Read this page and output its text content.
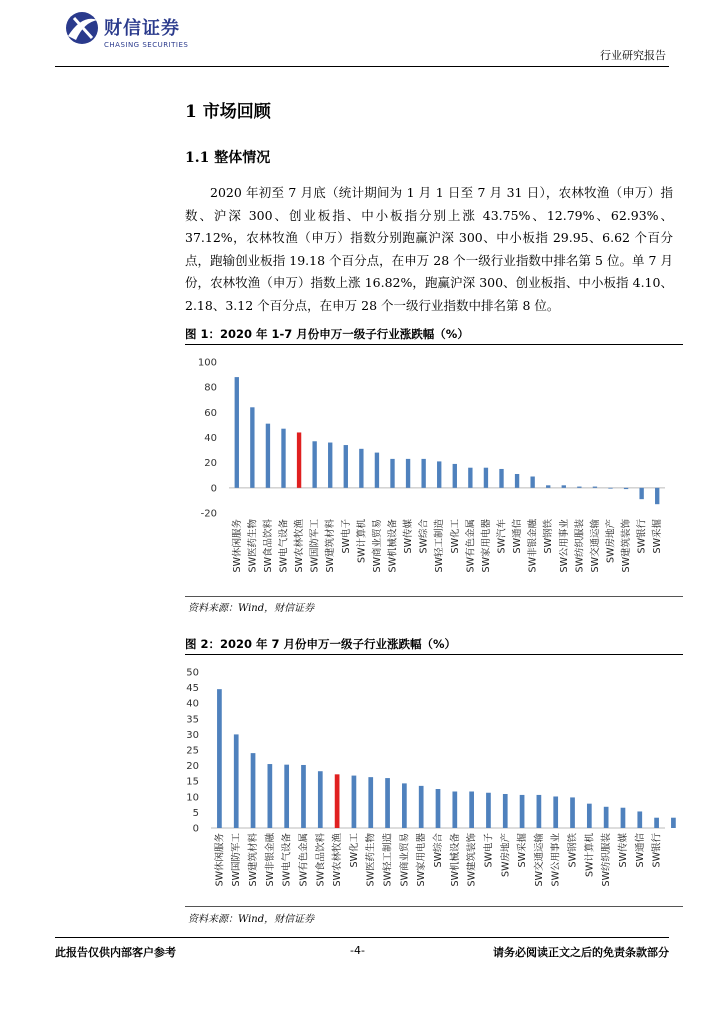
财信证券
CHASING SECURITIES
行业研究报告
1 市场回顾
1.1 整体情况

2020 年初至 7 月底（统计期间为 1 月 1 日至 7 月 31 日），农林牧渔（申万）指数、沪深 300、创业板指、中小板指分别上涨 43.75%、12.79%、62.93%、37.12%，农林牧渔（申万）指数分别跑赢沪深 300、中小板指 29.95、6.62 个百分点，跑输创业板指 19.18 个百分点，在申万 28 个一级行业指数中排名第 5 位。单 7 月份，农林牧渔（申万）指数上涨 16.82%，跑赢沪深 300、创业板指、中小板指 4.10、2.18、3.12 个百分点，在申万 28 个一级行业指数中排名第 8 位。

图 1：2020 年 1-7 月份申万一级子行业涨跌幅（%）
-20
0
20
40
60
80
100
SW休闲服务 SW医药生物 SW食品饮料 SW电气设备 SW农林牧渔 SW国防军工 SW建筑材料 SW电子 SW计算机 SW商业贸易 SW机械设备 SW传媒 SW综合 SW轻工制造 SW化工 SW有色金属 SW家用电器 SW汽车 SW通信 SW非银金融 SW钢铁 SW公用事业 SW纺织服装 SW交通运输 SW房地产 SW建筑装饰 SW银行 SW采掘
资料来源：Wind，财信证券
图 2：2020 年 7 月份申万一级子行业涨跌幅（%）
0
5
10
15
20
25
30
35
40
45
50
SW休闲服务 SW国防军工 SW建筑材料 SW非银金融 SW电气设备 SW有色金属 SW食品饮料 SW农林牧渔 SW化工 SW医药生物 SW轻工制造 SW商业贸易 SW家用电器 SW综合 SW机械设备 SW建筑装饰 SW电子 SW房地产 SW采掘 SW交通运输 SW公用事业 SW钢铁 SW计算机 SW纺织服装 SW传媒 SW通信 SW银行
资料来源：Wind，财信证券
此报告仅供内部客户参考	-4-	请务必阅读正文之后的免责条款部分
